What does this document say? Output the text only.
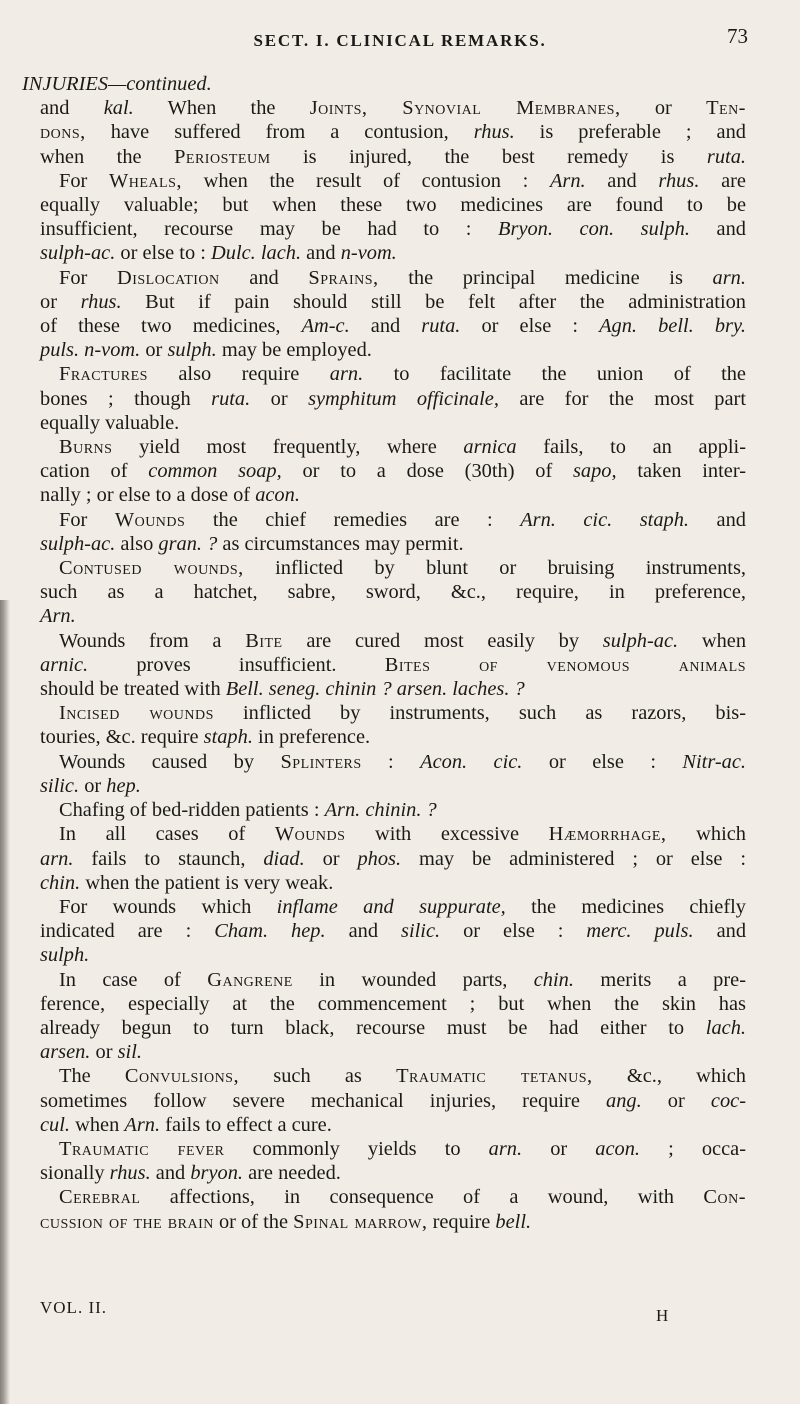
SECT. I. CLINICAL REMARKS.	73
INJURIES—continued.
and kal. When the Joints, Synovial Membranes, or Ten-
dons, have suffered from a contusion, rhus. is preferable ; and
when the Periosteum is injured, the best remedy is ruta.
For Wheals, when the result of contusion : Arn. and rhus. are
equally valuable; but when these two medicines are found to be
insufficient, recourse may be had to : Bryon. con. sulph. and
sulph-ac. or else to : Dulc. lach. and n-vom.
For Dislocation and Sprains, the principal medicine is arn.
or rhus. But if pain should still be felt after the administration
of these two medicines, Am-c. and ruta. or else : Agn. bell. bry.
puls. n-vom. or sulph. may be employed.
Fractures also require arn. to facilitate the union of the
bones ; though ruta. or symphitum officinale, are for the most part
equally valuable.
Burns yield most frequently, where arnica fails, to an appli-
cation of common soap, or to a dose (30th) of sapo, taken inter-
nally ; or else to a dose of acon.
For Wounds the chief remedies are : Arn. cic. staph. and
sulph-ac. also gran. ? as circumstances may permit.
Contused wounds, inflicted by blunt or bruising instruments,
such as a hatchet, sabre, sword, &c., require, in preference,
Arn.
Wounds from a Bite are cured most easily by sulph-ac. when
arnic. proves insufficient. Bites of venomous animals
should be treated with Bell. seneg. chinin ? arsen. laches. ?
Incised wounds inflicted by instruments, such as razors, bis-
touries, &c. require staph. in preference.
Wounds caused by Splinters : Acon. cic. or else : Nitr-ac.
silic. or hep.
Chafing of bed-ridden patients : Arn. chinin. ?
In all cases of Wounds with excessive Hæmorrhage, which
arn. fails to staunch, diad. or phos. may be administered ; or else :
chin. when the patient is very weak.
For wounds which inflame and suppurate, the medicines chiefly
indicated are : Cham. hep. and silic. or else : merc. puls. and
sulph.
In case of Gangrene in wounded parts, chin. merits a pre-
ference, especially at the commencement ; but when the skin has
already begun to turn black, recourse must be had either to lach.
arsen. or sil.
The Convulsions, such as Traumatic tetanus, &c., which
sometimes follow severe mechanical injuries, require ang. or coc-
cul. when Arn. fails to effect a cure.
Traumatic fever commonly yields to arn. or acon. ; occa-
sionally rhus. and bryon. are needed.
Cerebral affections, in consequence of a wound, with Con-
cussion of the brain or of the Spinal marrow, require bell.
VOL. II.	H
